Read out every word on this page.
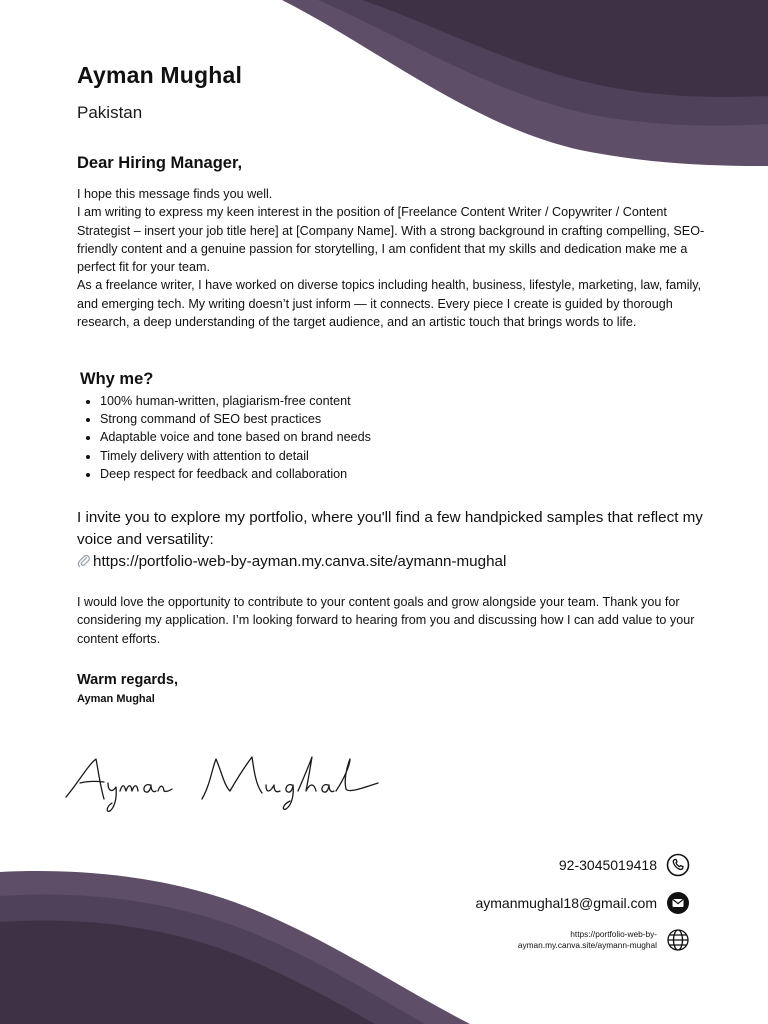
Ayman Mughal
Pakistan
Dear Hiring Manager,

I hope this message finds you well.

I am writing to express my keen interest in the position of [Freelance Content Writer / Copywriter / Content Strategist – insert your job title here] at [Company Name]. With a strong background in crafting compelling, SEO-friendly content and a genuine passion for storytelling, I am confident that my skills and dedication make me a perfect fit for your team.

As a freelance writer, I have worked on diverse topics including health, business, lifestyle, marketing, law, family, and emerging tech. My writing doesn’t just inform — it connects. Every piece I create is guided by thorough research, a deep understanding of the target audience, and an artistic touch that brings words to life.

Why me?
• 100% human-written, plagiarism-free content
• Strong command of SEO best practices
• Adaptable voice and tone based on brand needs
• Timely delivery with attention to detail
• Deep respect for feedback and collaboration

I invite you to explore my portfolio, where you'll find a few handpicked samples that reflect my voice and versatility:

https://portfolio-web-by-ayman.my.canva.site/aymann-mughal

I would love the opportunity to contribute to your content goals and grow alongside your team. Thank you for considering my application. I’m looking forward to hearing from you and discussing how I can add value to your content efforts.
Warm regards,
Ayman Mughal
92-3045019418
aymanmughal18@gmail.com
https://portfolio-web-by-ayman.my.canva.site/aymann-mughal
